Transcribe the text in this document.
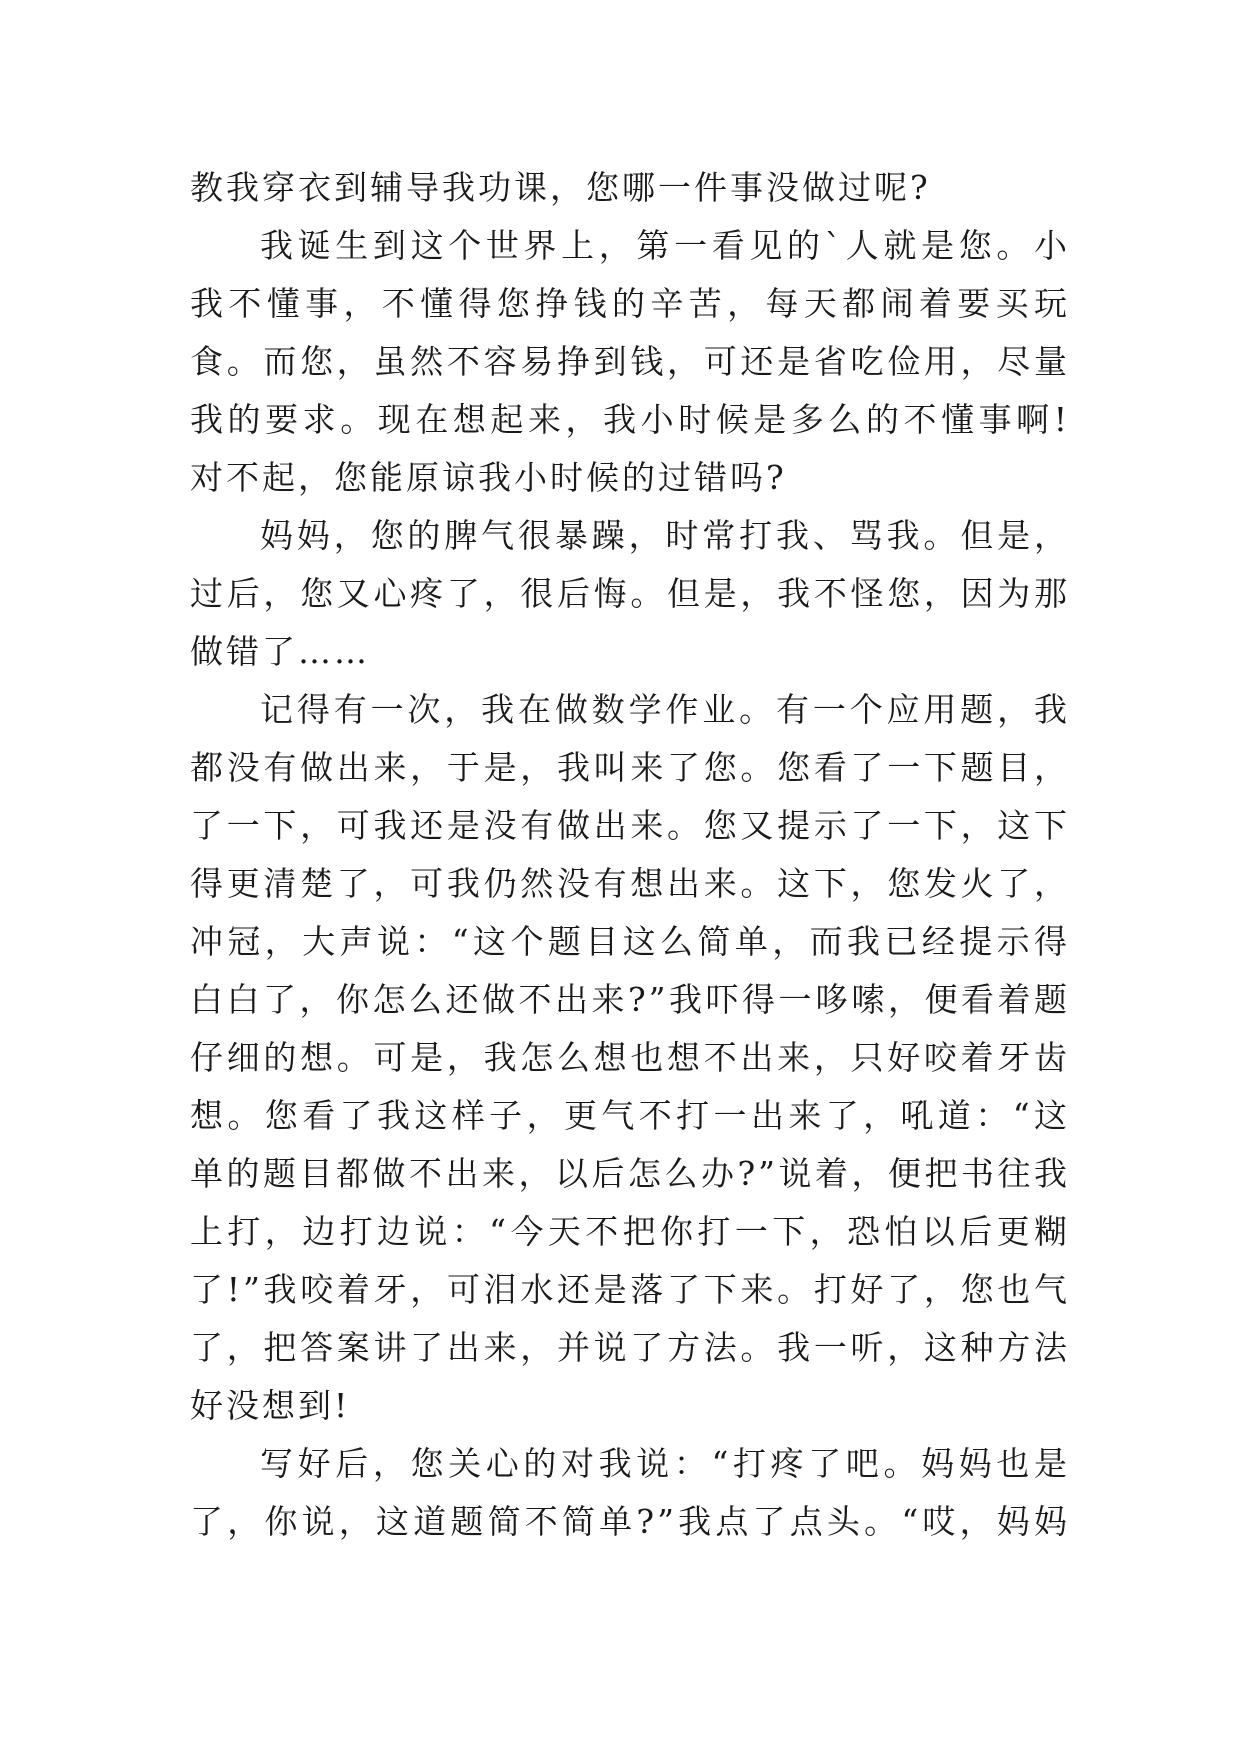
教我穿衣到辅导我功课，您哪一件事没做过呢?
我诞生到这个世界上，第一看见的`人就是您。小
我不懂事，不懂得您挣钱的辛苦，每天都闹着要买玩
食。而您，虽然不容易挣到钱，可还是省吃俭用，尽量
我的要求。现在想起来，我小时候是多么的不懂事啊!
对不起，您能原谅我小时候的过错吗?
妈妈，您的脾气很暴躁，时常打我、骂我。但是，
过后，您又心疼了，很后悔。但是，我不怪您，因为那
做错了……
记得有一次，我在做数学作业。有一个应用题，我
都没有做出来，于是，我叫来了您。您看了一下题目，
了一下，可我还是没有做出来。您又提示了一下，这下
得更清楚了，可我仍然没有想出来。这下，您发火了，
冲冠，大声说：“这个题目这么简单，而我已经提示得
白白了，你怎么还做不出来?”我吓得一哆嗦，便看着题
仔细的想。可是，我怎么想也想不出来，只好咬着牙齿
想。您看了我这样子，更气不打一出来了，吼道：“这
单的题目都做不出来，以后怎么办?”说着，便把书往我
上打，边打边说：“今天不把你打一下，恐怕以后更糊
了!”我咬着牙，可泪水还是落了下来。打好了，您也气
了，把答案讲了出来，并说了方法。我一听，这种方法
好没想到!
写好后，您关心的对我说：“打疼了吧。妈妈也是
了，你说，这道题简不简单?”我点了点头。“哎，妈妈
